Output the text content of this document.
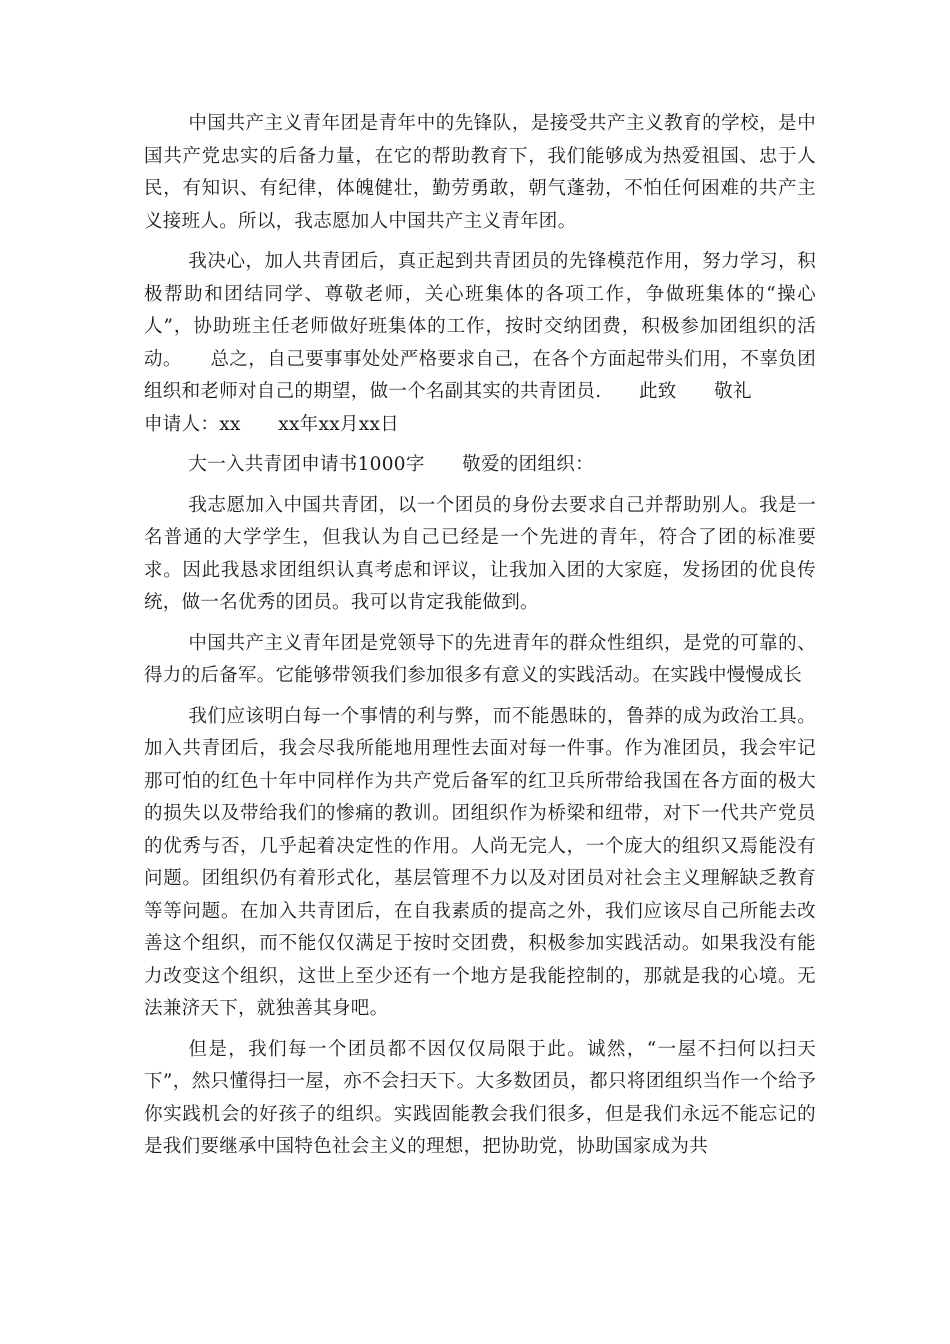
中国共产主义青年团是青年中的先锋队，是接受共产主义教育的学校，是中国共产党忠实的后备力量，在它的帮助教育下，我们能够成为热爱祖国、忠于人民，有知识、有纪律，体魄健壮，勤劳勇敢，朝气蓬勃，不怕任何困难的共产主义接班人。所以，我志愿加人中国共产主义青年团。

我决心，加人共青团后，真正起到共青团员的先锋模范作用，努力学习，积极帮助和团结同学、尊敬老师，关心班集体的各项工作，争做班集体的“操心人”，协助班主任老师做好班集体的工作，按时交纳团费，积极参加团组织的活动。　　总之，自己要事事处处严格要求自己，在各个方面起带头们用，不辜负团组织和老师对自己的期望，做一个名副其实的共青团员.　　此致　　敬礼

申请人：xx　　xx年xx月xx日

大一入共青团申请书1000字　　敬爱的团组织：

我志愿加入中国共青团，以一个团员的身份去要求自己并帮助别人。我是一名普通的大学学生，但我认为自己已经是一个先进的青年，符合了团的标准要求。因此我恳求团组织认真考虑和评议，让我加入团的大家庭，发扬团的优良传统，做一名优秀的团员。我可以肯定我能做到。

中国共产主义青年团是党领导下的先进青年的群众性组织，是党的可靠的、得力的后备军。它能够带领我们参加很多有意义的实践活动。在实践中慢慢成长

我们应该明白每一个事情的利与弊，而不能愚昧的，鲁莽的成为政治工具。加入共青团后，我会尽我所能地用理性去面对每一件事。作为准团员，我会牢记那可怕的红色十年中同样作为共产党后备军的红卫兵所带给我国在各方面的极大的损失以及带给我们的惨痛的教训。团组织作为桥梁和纽带，对下一代共产党员的优秀与否，几乎起着决定性的作用。人尚无完人，一个庞大的组织又焉能没有问题。团组织仍有着形式化，基层管理不力以及对团员对社会主义理解缺乏教育等等问题。在加入共青团后，在自我素质的提高之外，我们应该尽自己所能去改善这个组织，而不能仅仅满足于按时交团费，积极参加实践活动。如果我没有能力改变这个组织，这世上至少还有一个地方是我能控制的，那就是我的心境。无法兼济天下，就独善其身吧。

但是，我们每一个团员都不因仅仅局限于此。诚然，“一屋不扫何以扫天下”，然只懂得扫一屋，亦不会扫天下。大多数团员，都只将团组织当作一个给予你实践机会的好孩子的组织。实践固能教会我们很多，但是我们永远不能忘记的是我们要继承中国特色社会主义的理想，把协助党，协助国家成为共
